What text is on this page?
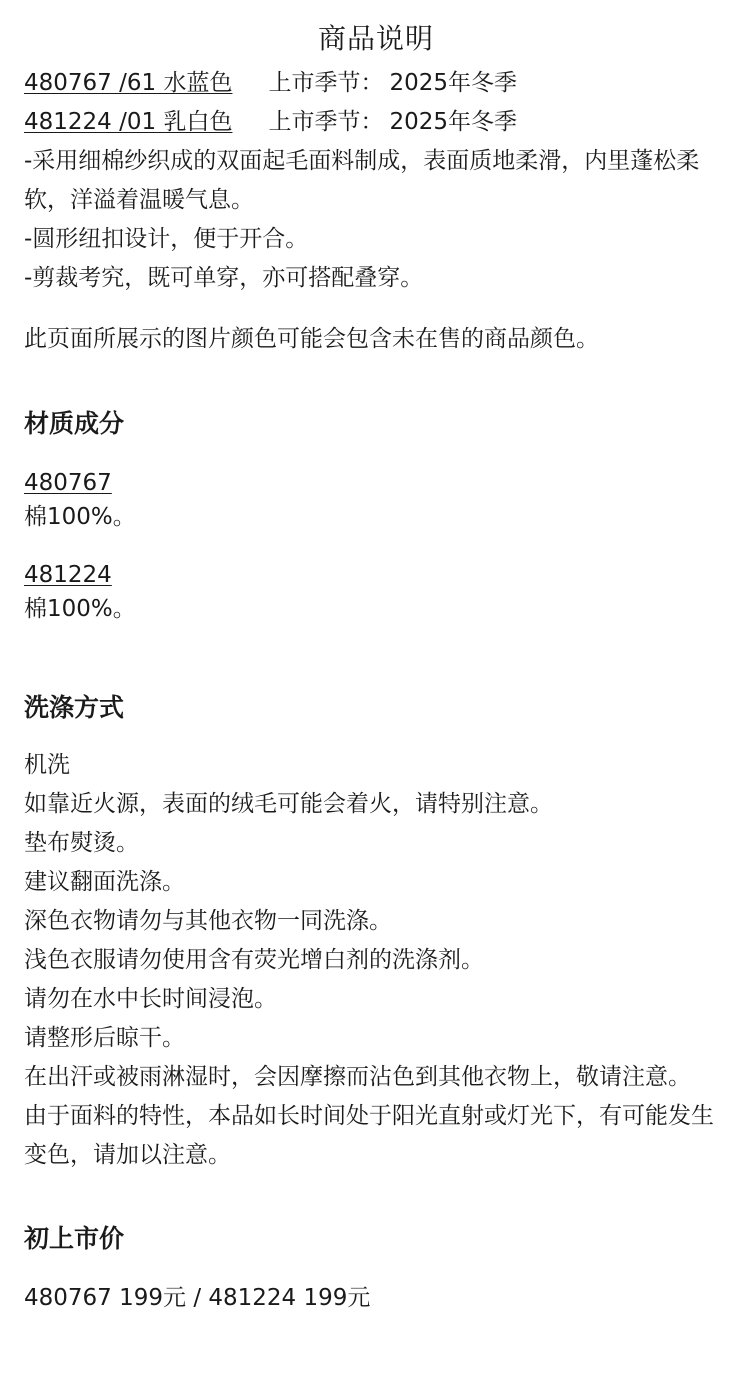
商品说明

480767 /61 水蓝色 上市季节： 2025年冬季

481224 /01 乳白色 上市季节： 2025年冬季

-采用细棉纱织成的双面起毛面料制成，表面质地柔滑，内里蓬松柔软，洋溢着温暖气息。

-圆形纽扣设计，便于开合。

-剪裁考究，既可单穿，亦可搭配叠穿。

此页面所展示的图片颜色可能会包含未在售的商品颜色。

材质成分

480767

棉100%。

481224

棉100%。

洗涤方式

机洗

如靠近火源，表面的绒毛可能会着火，请特别注意。

垫布熨烫。

建议翻面洗涤。

深色衣物请勿与其他衣物一同洗涤。

浅色衣服请勿使用含有荧光增白剂的洗涤剂。

请勿在水中长时间浸泡。

请整形后晾干。

在出汗或被雨淋湿时，会因摩擦而沾色到其他衣物上，敬请注意。

由于面料的特性，本品如长时间处于阳光直射或灯光下，有可能发生变色，请加以注意。

初上市价

480767 199元 / 481224 199元
